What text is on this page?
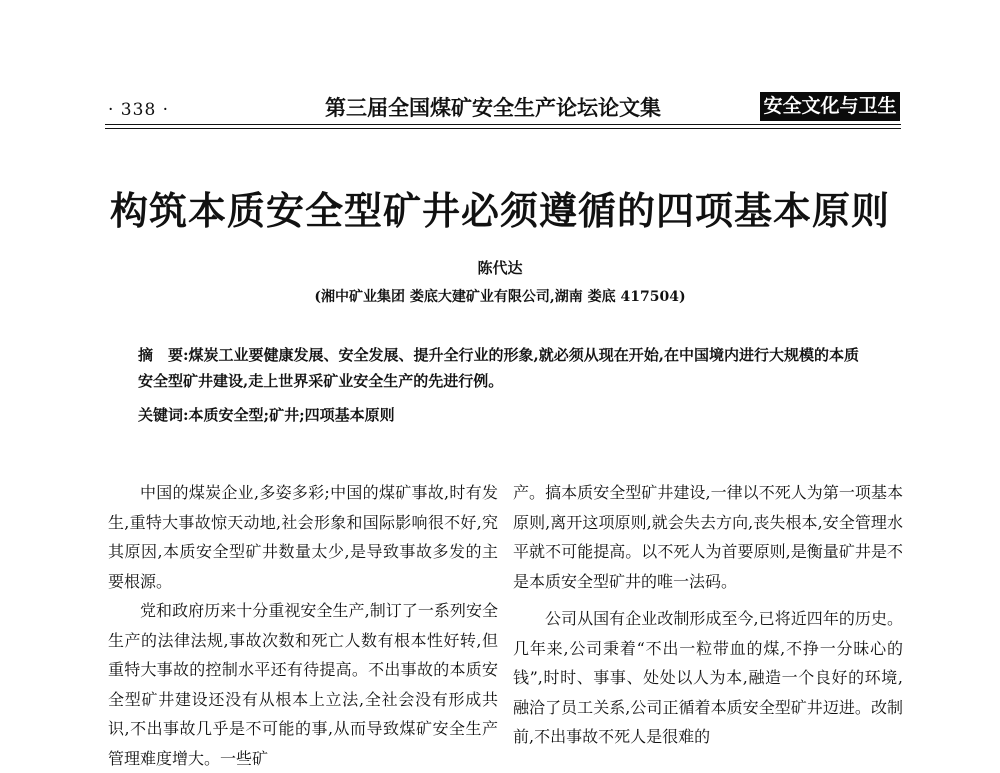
· 338 ·	第三届全国煤矿安全生产论坛论文集	安全文化与卫生
构筑本质安全型矿井必须遵循的四项基本原则
陈代达
(湘中矿业集团 娄底大建矿业有限公司,湖南 娄底 417504)
摘　要:煤炭工业要健康发展、安全发展、提升全行业的形象,就必须从现在开始,在中国境内进行大规模的本质安全型矿井建设,走上世界采矿业安全生产的先进行例。
关键词:本质安全型;矿井;四项基本原则

中国的煤炭企业,多姿多彩;中国的煤矿事故,时有发生,重特大事故惊天动地,社会形象和国际影响很不好,究其原因,本质安全型矿井数量太少,是导致事故多发的主要根源。

党和政府历来十分重视安全生产,制订了一系列安全生产的法律法规,事故次数和死亡人数有根本性好转,但重特大事故的控制水平还有待提高。不出事故的本质安全型矿井建设还没有从根本上立法,全社会没有形成共识,不出事故几乎是不可能的事,从而导致煤矿安全生产管理难度增大。一些矿

产。搞本质安全型矿井建设,一律以不死人为第一项基本原则,离开这项原则,就会失去方向,丧失根本,安全管理水平就不可能提高。以不死人为首要原则,是衡量矿井是不是本质安全型矿井的唯一法码。

公司从国有企业改制形成至今,已将近四年的历史。几年来,公司秉着“不出一粒带血的煤,不挣一分昧心的钱”,时时、事事、处处以人为本,融造一个良好的环境,融洽了员工关系,公司正循着本质安全型矿井迈进。改制前,不出事故不死人是很难的
